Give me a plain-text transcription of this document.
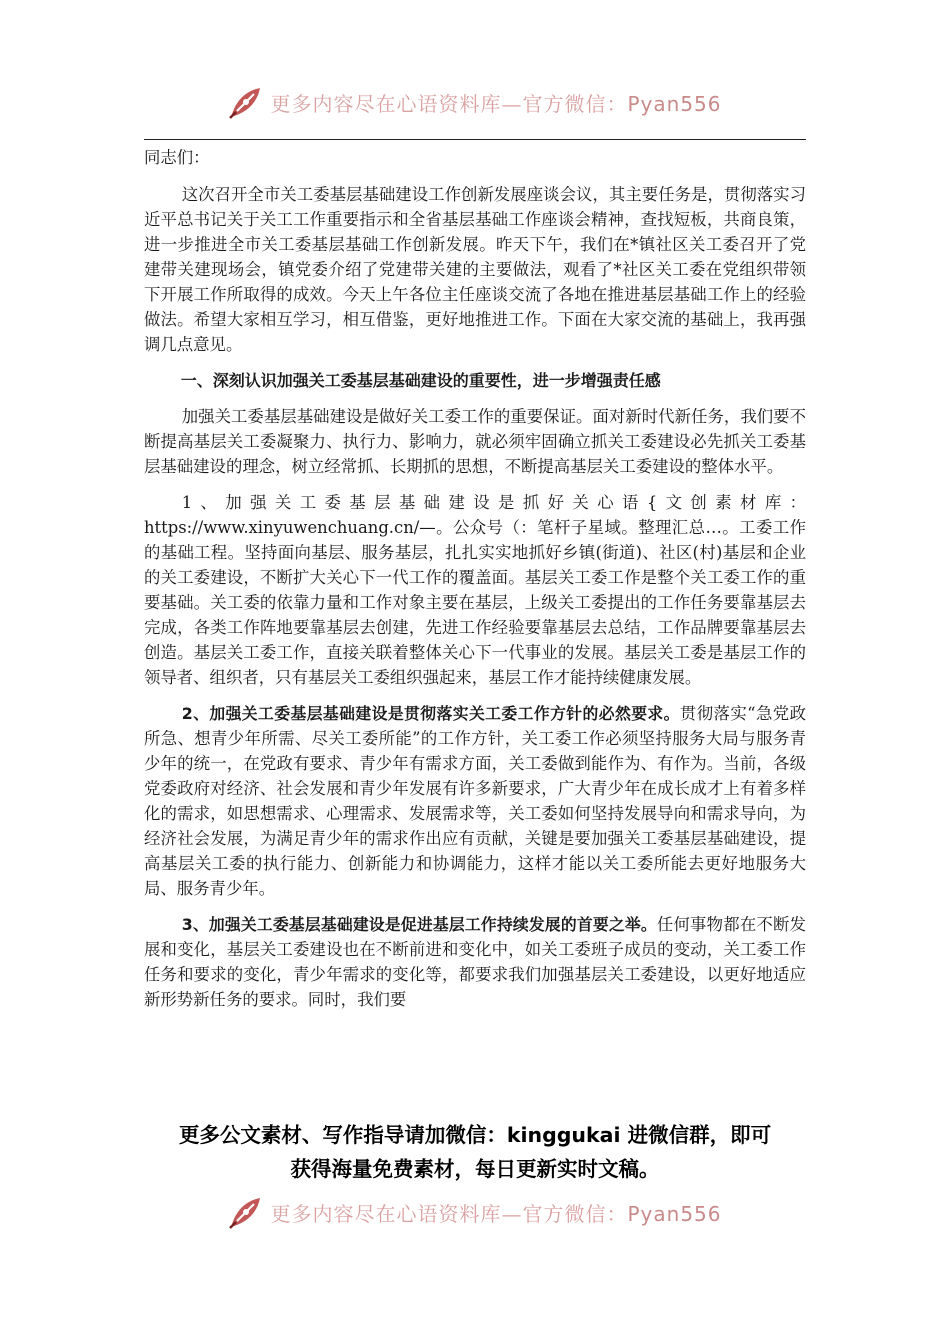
更多内容尽在心语资料库—官方微信：Pyan556

同志们：

这次召开全市关工委基层基础建设工作创新发展座谈会议，其主要任务是，贯彻落实习近平总书记关于关工工作重要指示和全省基层基础工作座谈会精神，查找短板，共商良策，进一步推进全市关工委基层基础工作创新发展。昨天下午，我们在*镇社区关工委召开了党建带关建现场会，镇党委介绍了党建带关建的主要做法，观看了*社区关工委在党组织带领下开展工作所取得的成效。今天上午各位主任座谈交流了各地在推进基层基础工作上的经验做法。希望大家相互学习，相互借鉴，更好地推进工作。下面在大家交流的基础上，我再强调几点意见。

一、深刻认识加强关工委基层基础建设的重要性，进一步增强责任感

加强关工委基层基础建设是做好关工委工作的重要保证。面对新时代新任务，我们要不断提高基层关工委凝聚力、执行力、影响力，就必须牢固确立抓关工委建设必先抓关工委基层基础建设的理念，树立经常抓、长期抓的思想，不断提高基层关工委建设的整体水平。

1、加强关工委基层基础建设是抓好关心语{文创素材库：https://www.xinyuwenchuang.cn/—。公众号（：笔杆子星域。整理汇总…。工委工作的基础工程。坚持面向基层、服务基层，扎扎实实地抓好乡镇(街道)、社区(村)基层和企业的关工委建设，不断扩大关心下一代工作的覆盖面。基层关工委工作是整个关工委工作的重要基础。关工委的依靠力量和工作对象主要在基层，上级关工委提出的工作任务要靠基层去完成，各类工作阵地要靠基层去创建，先进工作经验要靠基层去总结，工作品牌要靠基层去创造。基层关工委工作，直接关联着整体关心下一代事业的发展。基层关工委是基层工作的领导者、组织者，只有基层关工委组织强起来，基层工作才能持续健康发展。

2、加强关工委基层基础建设是贯彻落实关工委工作方针的必然要求。贯彻落实“急党政所急、想青少年所需、尽关工委所能”的工作方针，关工委工作必须坚持服务大局与服务青少年的统一，在党政有要求、青少年有需求方面，关工委做到能作为、有作为。当前，各级党委政府对经济、社会发展和青少年发展有许多新要求，广大青少年在成长成才上有着多样化的需求，如思想需求、心理需求、发展需求等，关工委如何坚持发展导向和需求导向，为经济社会发展，为满足青少年的需求作出应有贡献，关键是要加强关工委基层基础建设，提高基层关工委的执行能力、创新能力和协调能力，这样才能以关工委所能去更好地服务大局、服务青少年。

3、加强关工委基层基础建设是促进基层工作持续发展的首要之举。任何事物都在不断发展和变化，基层关工委建设也在不断前进和变化中，如关工委班子成员的变动，关工委工作任务和要求的变化，青少年需求的变化等，都要求我们加强基层关工委建设，以更好地适应新形势新任务的要求。同时，我们要

更多公文素材、写作指导请加微信：kinggukai 进微信群，即可
获得海量免费素材，每日更新实时文稿。
更多内容尽在心语资料库—官方微信：Pyan556
